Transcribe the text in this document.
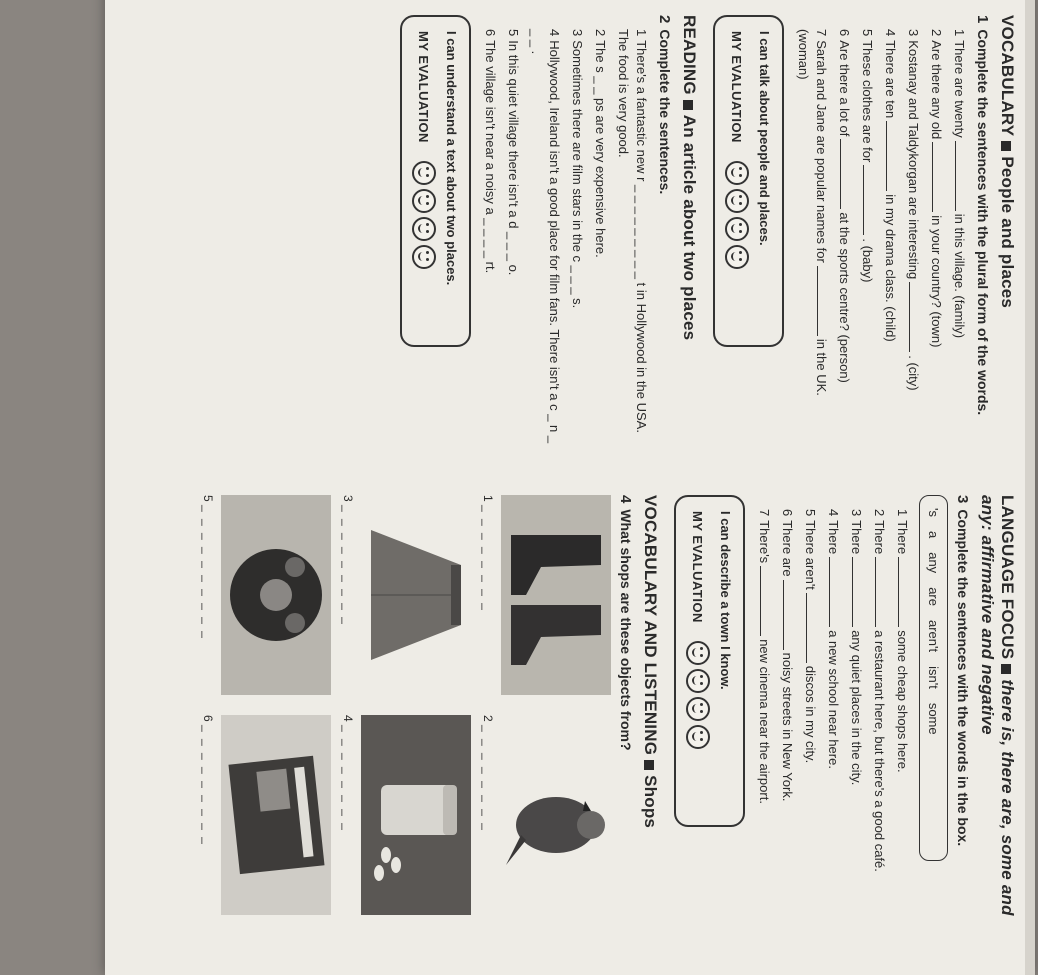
VOCABULARYPeople and places
1Complete the sentences with the plural form of the words.
1There are twentyin this village. (family)
2Are there any oldin your country? (town)
3Kostanay and Taldykorgan are interesting. (city)
4There are tenin my drama class. (child)
5These clothes are for. (baby)
6Are there a lot ofat the sports centre? (person)
7Sarah and Jane are popular names forin the UK. (woman)
I can talk about people and places.
MY EVALUATION
READINGAn article about two places
2Complete the sentences.
1There's a fantastic new r _ _ _ _ _ _ _ _ _ t in Hollywood in the USA. The food is very good.
2The s _ _ ps are very expensive here.
3Sometimes there are film stars in the c _ _ _ s.
4Hollywood, Ireland isn't a good place for film fans. There isn't a c _ n _ _ _ .
5In this quiet village there isn't a d _ _ _ o.
6The village isn't near a noisy a _ _ _ _ rt.
I can understand a text about two places.
MY EVALUATION
LANGUAGE FOCUSthere is, there are, some and any: affirmative and negative
3Complete the sentences with the words in the box.
's
a
any
are
aren't
isn't
some
1Theresome cheap shops here.
2Therea restaurant here, but there's a good café.
3Thereany quiet places in the city.
4Therea new school near here.
5There aren'tdiscos in my city.
6There arenoisy streets in New York.
7There'snew cinema near the airport.
I can describe a town I know.
MY EVALUATION
VOCABULARY AND LISTENINGShops
4What shops are these objects from?
1 _ _ _ _ _ _ _ _
2 _ _ _ _ _ _ _ _
3 _ _ _ _ _ _ _ _ _
4 _ _ _ _ _ _ _ _
5 _ _ _ _ _ _ _ _ _ _
6 _ _ _ _ _ _ _ _ _
